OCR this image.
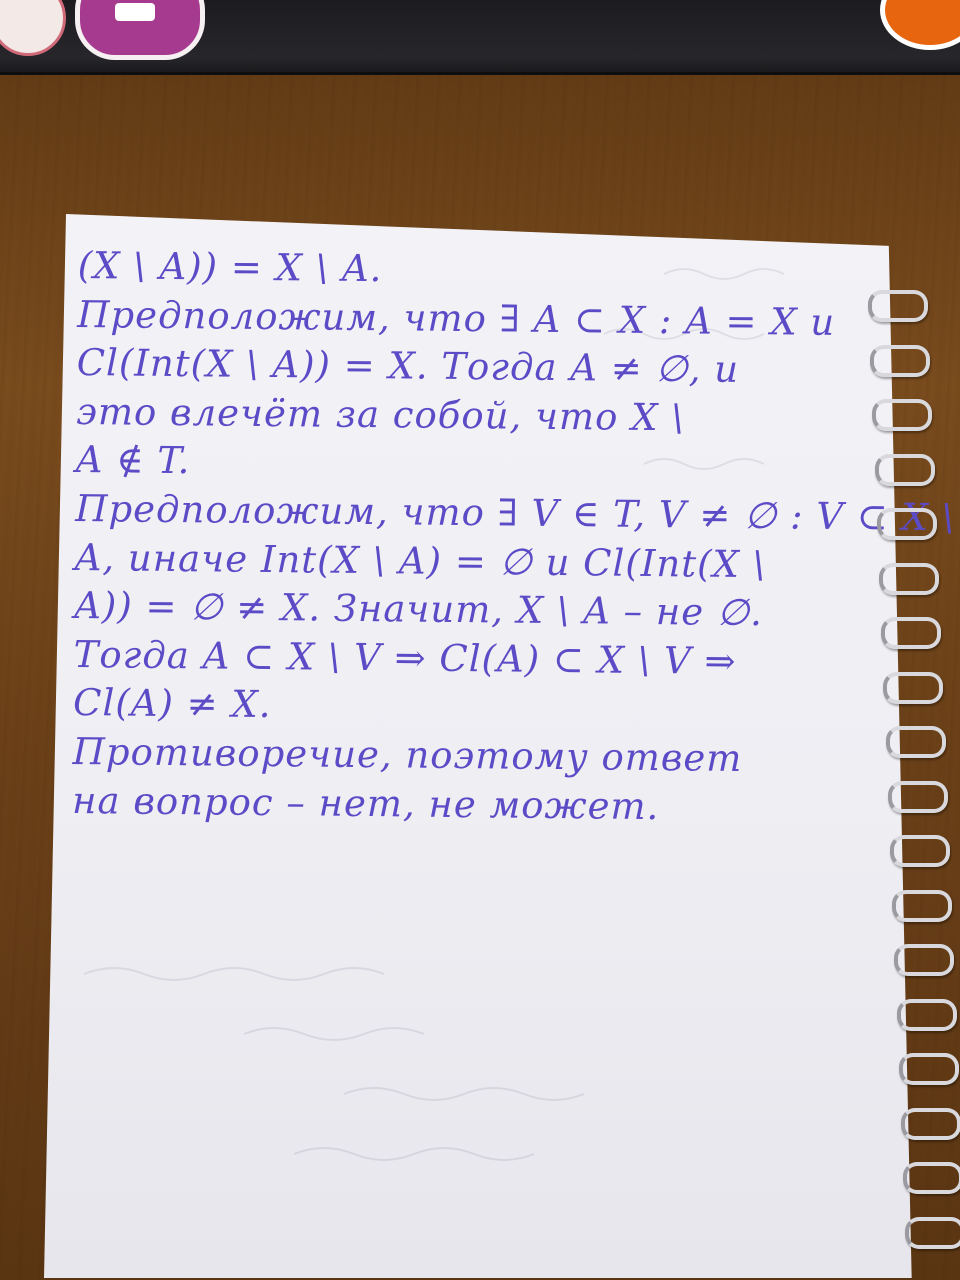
(X \ A)) = X \ A.
Предположим, что ∃ A ⊂ X : A = X и
Cl(Int(X \ A)) = X. Тогда A ≠ ∅, и
это влечёт за собой, что X \
A ∉ T.
Предположим, что ∃ V ∈ T, V ≠ ∅ : V ⊂ X \
A, иначе Int(X \ A) = ∅ и Cl(Int(X \
A)) = ∅ ≠ X. Значит, X \ A – не ∅.
Тогда A ⊂ X \ V ⇒ Cl(A) ⊂ X \ V ⇒
Cl(A) ≠ X.
Противоречие, поэтому ответ
на вопрос – нет, не может.
